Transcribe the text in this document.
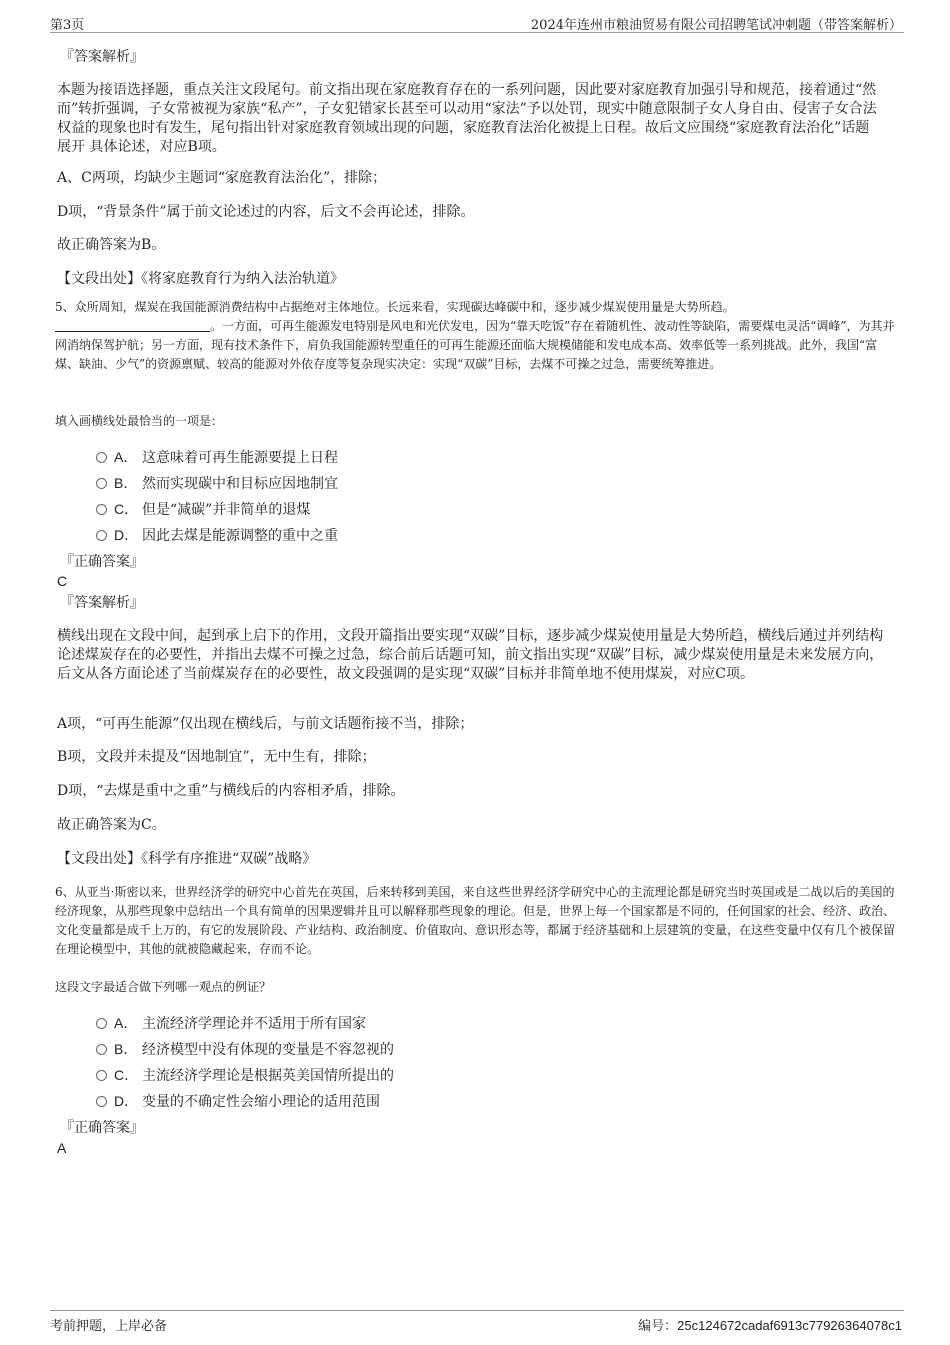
第3页	2024年连州市粮油贸易有限公司招聘笔试冲刺题（带答案解析）

『答案解析』

本题为接语选择题，重点关注文段尾句。前文指出现在家庭教育存在的一系列问题，因此要对家庭教育加强引导和规范，接着通过“然而”转折强调，子女常被视为家族“私产”，子女犯错家长甚至可以动用“家法”予以处罚，现实中随意限制子女人身自由、侵害子女合法权益的现象也时有发生，尾句指出针对家庭教育领域出现的问题，家庭教育法治化被提上日程。故后文应围绕“家庭教育法治化”话题 展开 具体论述，对应B项。

A、C两项，均缺少主题词“家庭教育法治化”，排除；

D项，“背景条件”属于前文论述过的内容，后文不会再论述，排除。

故正确答案为B。

【文段出处】《将家庭教育行为纳入法治轨道》

5、众所周知，煤炭在我国能源消费结构中占据绝对主体地位。长远来看，实现碳达峰碳中和，逐步减少煤炭使用量是大势所趋。
。一方面，可再生能源发电特别是风电和光伏发电，因为“靠天吃饭”存在着随机性、波动性等缺陷，需要煤电灵活“调峰”，为其并网消纳保驾护航；另一方面，现有技术条件下，肩负我国能源转型重任的可再生能源还面临大规模储能和发电成本高、效率低等一系列挑战。此外，我国“富煤、缺油、少气”的资源禀赋、较高的能源对外依存度等复杂现实决定：实现“双碳”目标，去煤不可操之过急，需要统筹推进。

填入画横线处最恰当的一项是：

A． 这意味着可再生能源要提上日程
B． 然而实现碳中和目标应因地制宜
C． 但是“减碳”并非简单的退煤
D． 因此去煤是能源调整的重中之重

『正确答案』

C

『答案解析』

横线出现在文段中间，起到承上启下的作用，文段开篇指出要实现“双碳”目标，逐步减少煤炭使用量是大势所趋，横线后通过并列结构论述煤炭存在的必要性，并指出去煤不可操之过急，综合前后话题可知，前文指出实现“双碳”目标，减少煤炭使用量是未来发展方向，后文从各方面论述了当前煤炭存在的必要性，故文段强调的是实现“双碳”目标并非简单地不使用煤炭，对应C项。

A项，“可再生能源”仅出现在横线后，与前文话题衔接不当，排除；

B项，文段并未提及“因地制宜”，无中生有，排除；

D项，“去煤是重中之重”与横线后的内容相矛盾，排除。

故正确答案为C。

【文段出处】《科学有序推进“双碳”战略》

6、从亚当·斯密以来，世界经济学的研究中心首先在英国，后来转移到美国，来自这些世界经济学研究中心的主流理论都是研究当时英国或是二战以后的美国的经济现象，从那些现象中总结出一个具有简单的因果逻辑并且可以解释那些现象的理论。但是，世界上每一个国家都是不同的，任何国家的社会、经济、政治、文化变量都是成千上万的，有它的发展阶段、产业结构、政治制度、价值取向、意识形态等，都属于经济基础和上层建筑的变量，在这些变量中仅有几个被保留在理论模型中，其他的就被隐藏起来，存而不论。

这段文字最适合做下列哪一观点的例证？

A． 主流经济学理论并不适用于所有国家
B． 经济模型中没有体现的变量是不容忽视的
C． 主流经济学理论是根据英美国情所提出的
D． 变量的不确定性会缩小理论的适用范围

『正确答案』

A

考前押题，上岸必备	编号：25c124672cadaf6913c77926364078c1
